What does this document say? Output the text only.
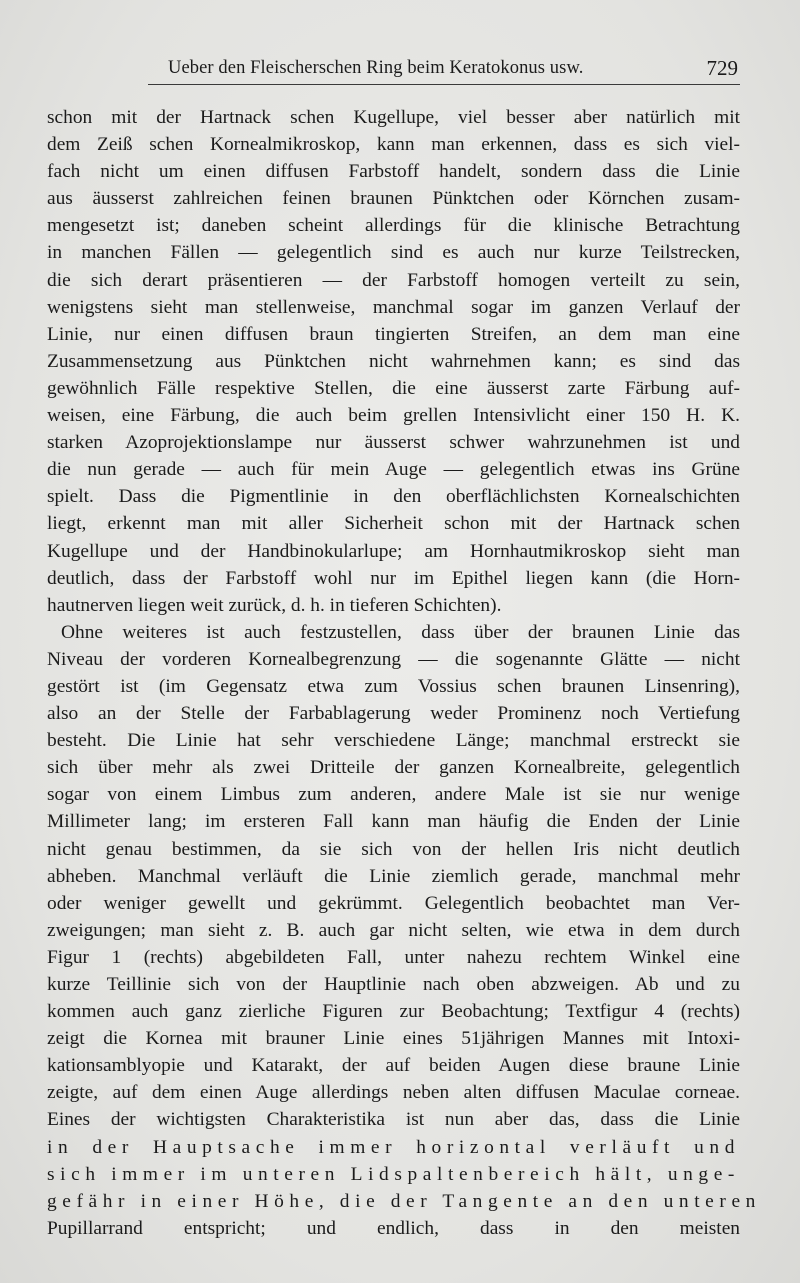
Ueber den Fleischerschen Ring beim Keratokonus usw.	729
schon mit der Hartnack schen Kugellupe, viel besser aber natürlich mit
dem Zeiß schen Kornealmikroskop, kann man erkennen, dass es sich viel-
fach nicht um einen diffusen Farbstoff handelt, sondern dass die Linie
aus äusserst zahlreichen feinen braunen Pünktchen oder Körnchen zusam-
mengesetzt ist; daneben scheint allerdings für die klinische Betrachtung
in manchen Fällen — gelegentlich sind es auch nur kurze Teilstrecken,
die sich derart präsentieren — der Farbstoff homogen verteilt zu sein,
wenigstens sieht man stellenweise, manchmal sogar im ganzen Verlauf der
Linie, nur einen diffusen braun tingierten Streifen, an dem man eine
Zusammensetzung aus Pünktchen nicht wahrnehmen kann; es sind das
gewöhnlich Fälle respektive Stellen, die eine äusserst zarte Färbung auf-
weisen, eine Färbung, die auch beim grellen Intensivlicht einer 150 H. K.
starken Azoprojektionslampe nur äusserst schwer wahrzunehmen ist und
die nun gerade — auch für mein Auge — gelegentlich etwas ins Grüne
spielt. Dass die Pigmentlinie in den oberflächlichsten Kornealschichten
liegt, erkennt man mit aller Sicherheit schon mit der Hartnack schen
Kugellupe und der Handbinokularlupe; am Hornhautmikroskop sieht man
deutlich, dass der Farbstoff wohl nur im Epithel liegen kann (die Horn-
hautnerven liegen weit zurück, d. h. in tieferen Schichten).
Ohne weiteres ist auch festzustellen, dass über der braunen Linie das
Niveau der vorderen Kornealbegrenzung — die sogenannte Glätte — nicht
gestört ist (im Gegensatz etwa zum Vossius schen braunen Linsenring),
also an der Stelle der Farbablagerung weder Prominenz noch Vertiefung
besteht. Die Linie hat sehr verschiedene Länge; manchmal erstreckt sie
sich über mehr als zwei Dritteile der ganzen Kornealbreite, gelegentlich
sogar von einem Limbus zum anderen, andere Male ist sie nur wenige
Millimeter lang; im ersteren Fall kann man häufig die Enden der Linie
nicht genau bestimmen, da sie sich von der hellen Iris nicht deutlich
abheben. Manchmal verläuft die Linie ziemlich gerade, manchmal mehr
oder weniger gewellt und gekrümmt. Gelegentlich beobachtet man Ver-
zweigungen; man sieht z. B. auch gar nicht selten, wie etwa in dem durch
Figur 1 (rechts) abgebildeten Fall, unter nahezu rechtem Winkel eine
kurze Teillinie sich von der Hauptlinie nach oben abzweigen. Ab und zu
kommen auch ganz zierliche Figuren zur Beobachtung; Textfigur 4 (rechts)
zeigt die Kornea mit brauner Linie eines 51jährigen Mannes mit Intoxi-
kationsamblyopie und Katarakt, der auf beiden Augen diese braune Linie
zeigte, auf dem einen Auge allerdings neben alten diffusen Maculae corneae.
Eines der wichtigsten Charakteristika ist nun aber das, dass die Linie
in der Hauptsache immer horizontal verläuft und
sich immer im unteren Lidspaltenbereich hält, unge-
gefähr in einer Höhe, die der Tangente an den unteren
Pupillarrand entspricht; und endlich, dass in den meisten
